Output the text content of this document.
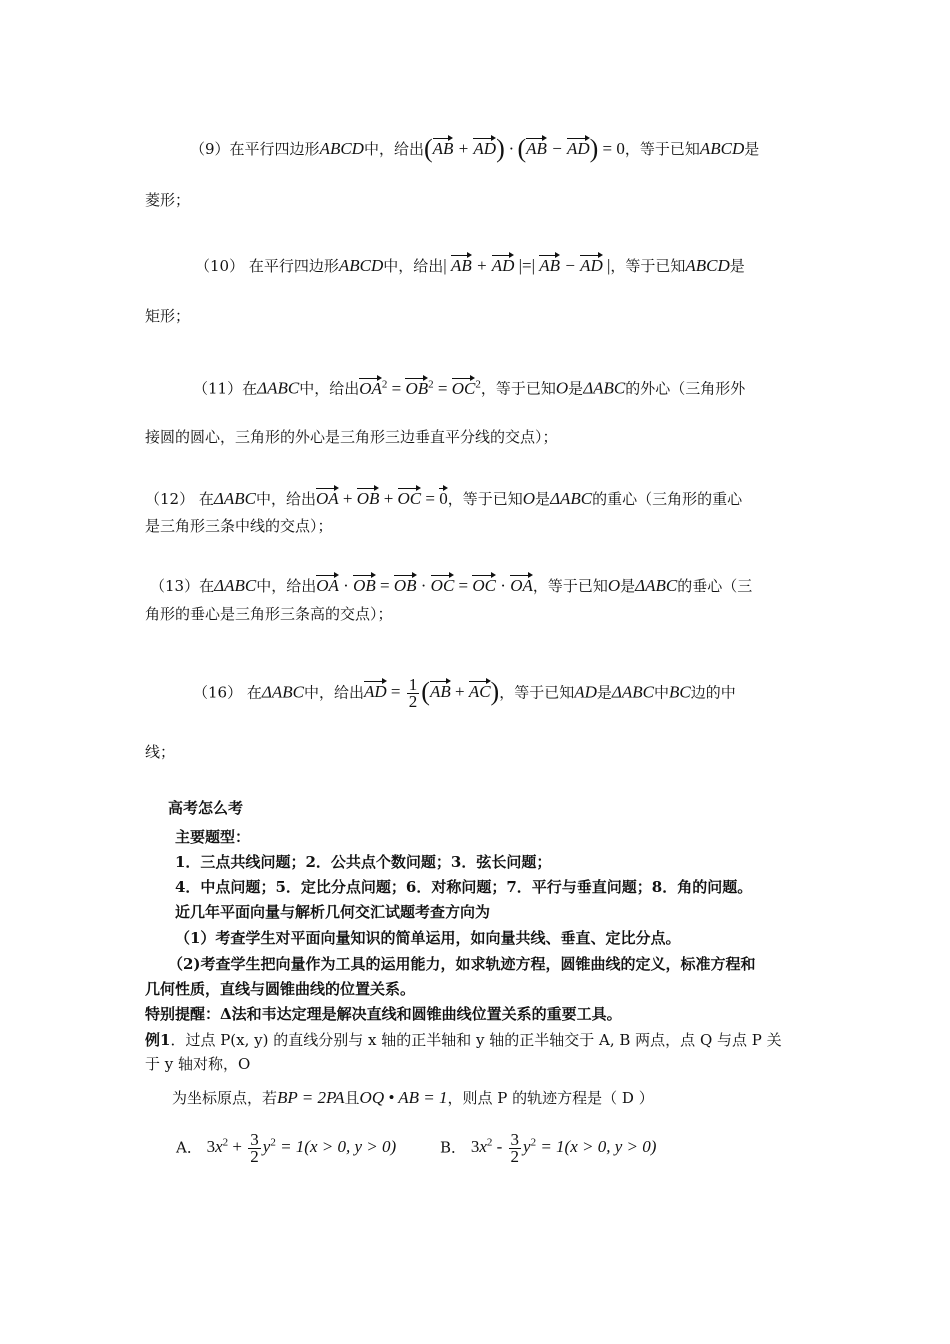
（9）在平行四边形ABCD中，给出(AB + AD) · (AB − AD) = 0，等于已知ABCD是
菱形；
（10） 在平行四边形ABCD中，给出| AB + AD |=| AB − AD |，等于已知ABCD是
矩形；
（11）在ΔABC中，给出$OA^2 = OB^2 = OC^2$，等于已知O是ΔABC的外心（三角形外
接圆的圆心，三角形的外心是三角形三边垂直平分线的交点）；
（12） 在ΔABC中，给出OA + OB + OC = 0，等于已知O是ΔABC的重心（三角形的重心
是三角形三条中线的交点）；
（13）在ΔABC中，给出OA · OB = OB · OC = OC · OA，等于已知O是ΔABC的垂心（三
角形的垂心是三角形三条高的交点）；
（16） 在ΔABC中，给出AD = $\frac{1}{2} (AB + AC)$，等于已知AD是ΔABC中BC边的中
线；
高考怎么考
主要题型：
1．三点共线问题；2．公共点个数问题；3．弦长问题；
4．中点问题；5．定比分点问题；6．对称问题；7．平行与垂直问题；8．角的问题。
近几年平面向量与解析几何交汇试题考查方向为
（1）考查学生对平面向量知识的简单运用，如向量共线、垂直、定比分点。
（2)考查学生把向量作为工具的运用能力，如求轨迹方程，圆锥曲线的定义，标准方程和
几何性质，直线与圆锥曲线的位置关系。
特别提醒：Δ法和韦达定理是解决直线和圆锥曲线位置关系的重要工具。
例1．过点 P(x, y) 的直线分别与 x 轴的正半轴和 y 轴的正半轴交于 A, B 两点，点 Q 与点 P 关
于 y 轴对称，O
为坐标原点，若BP = 2PA且OQ • AB = 1，则点 P 的轨迹方程是（ D ）
A． $3x^2 + \frac{3}{2} y^2 = 1(x > 0$, y > 0)	B． $3x^2 - \frac{3}{2} y^2 = 1(x > 0$, y > 0)
